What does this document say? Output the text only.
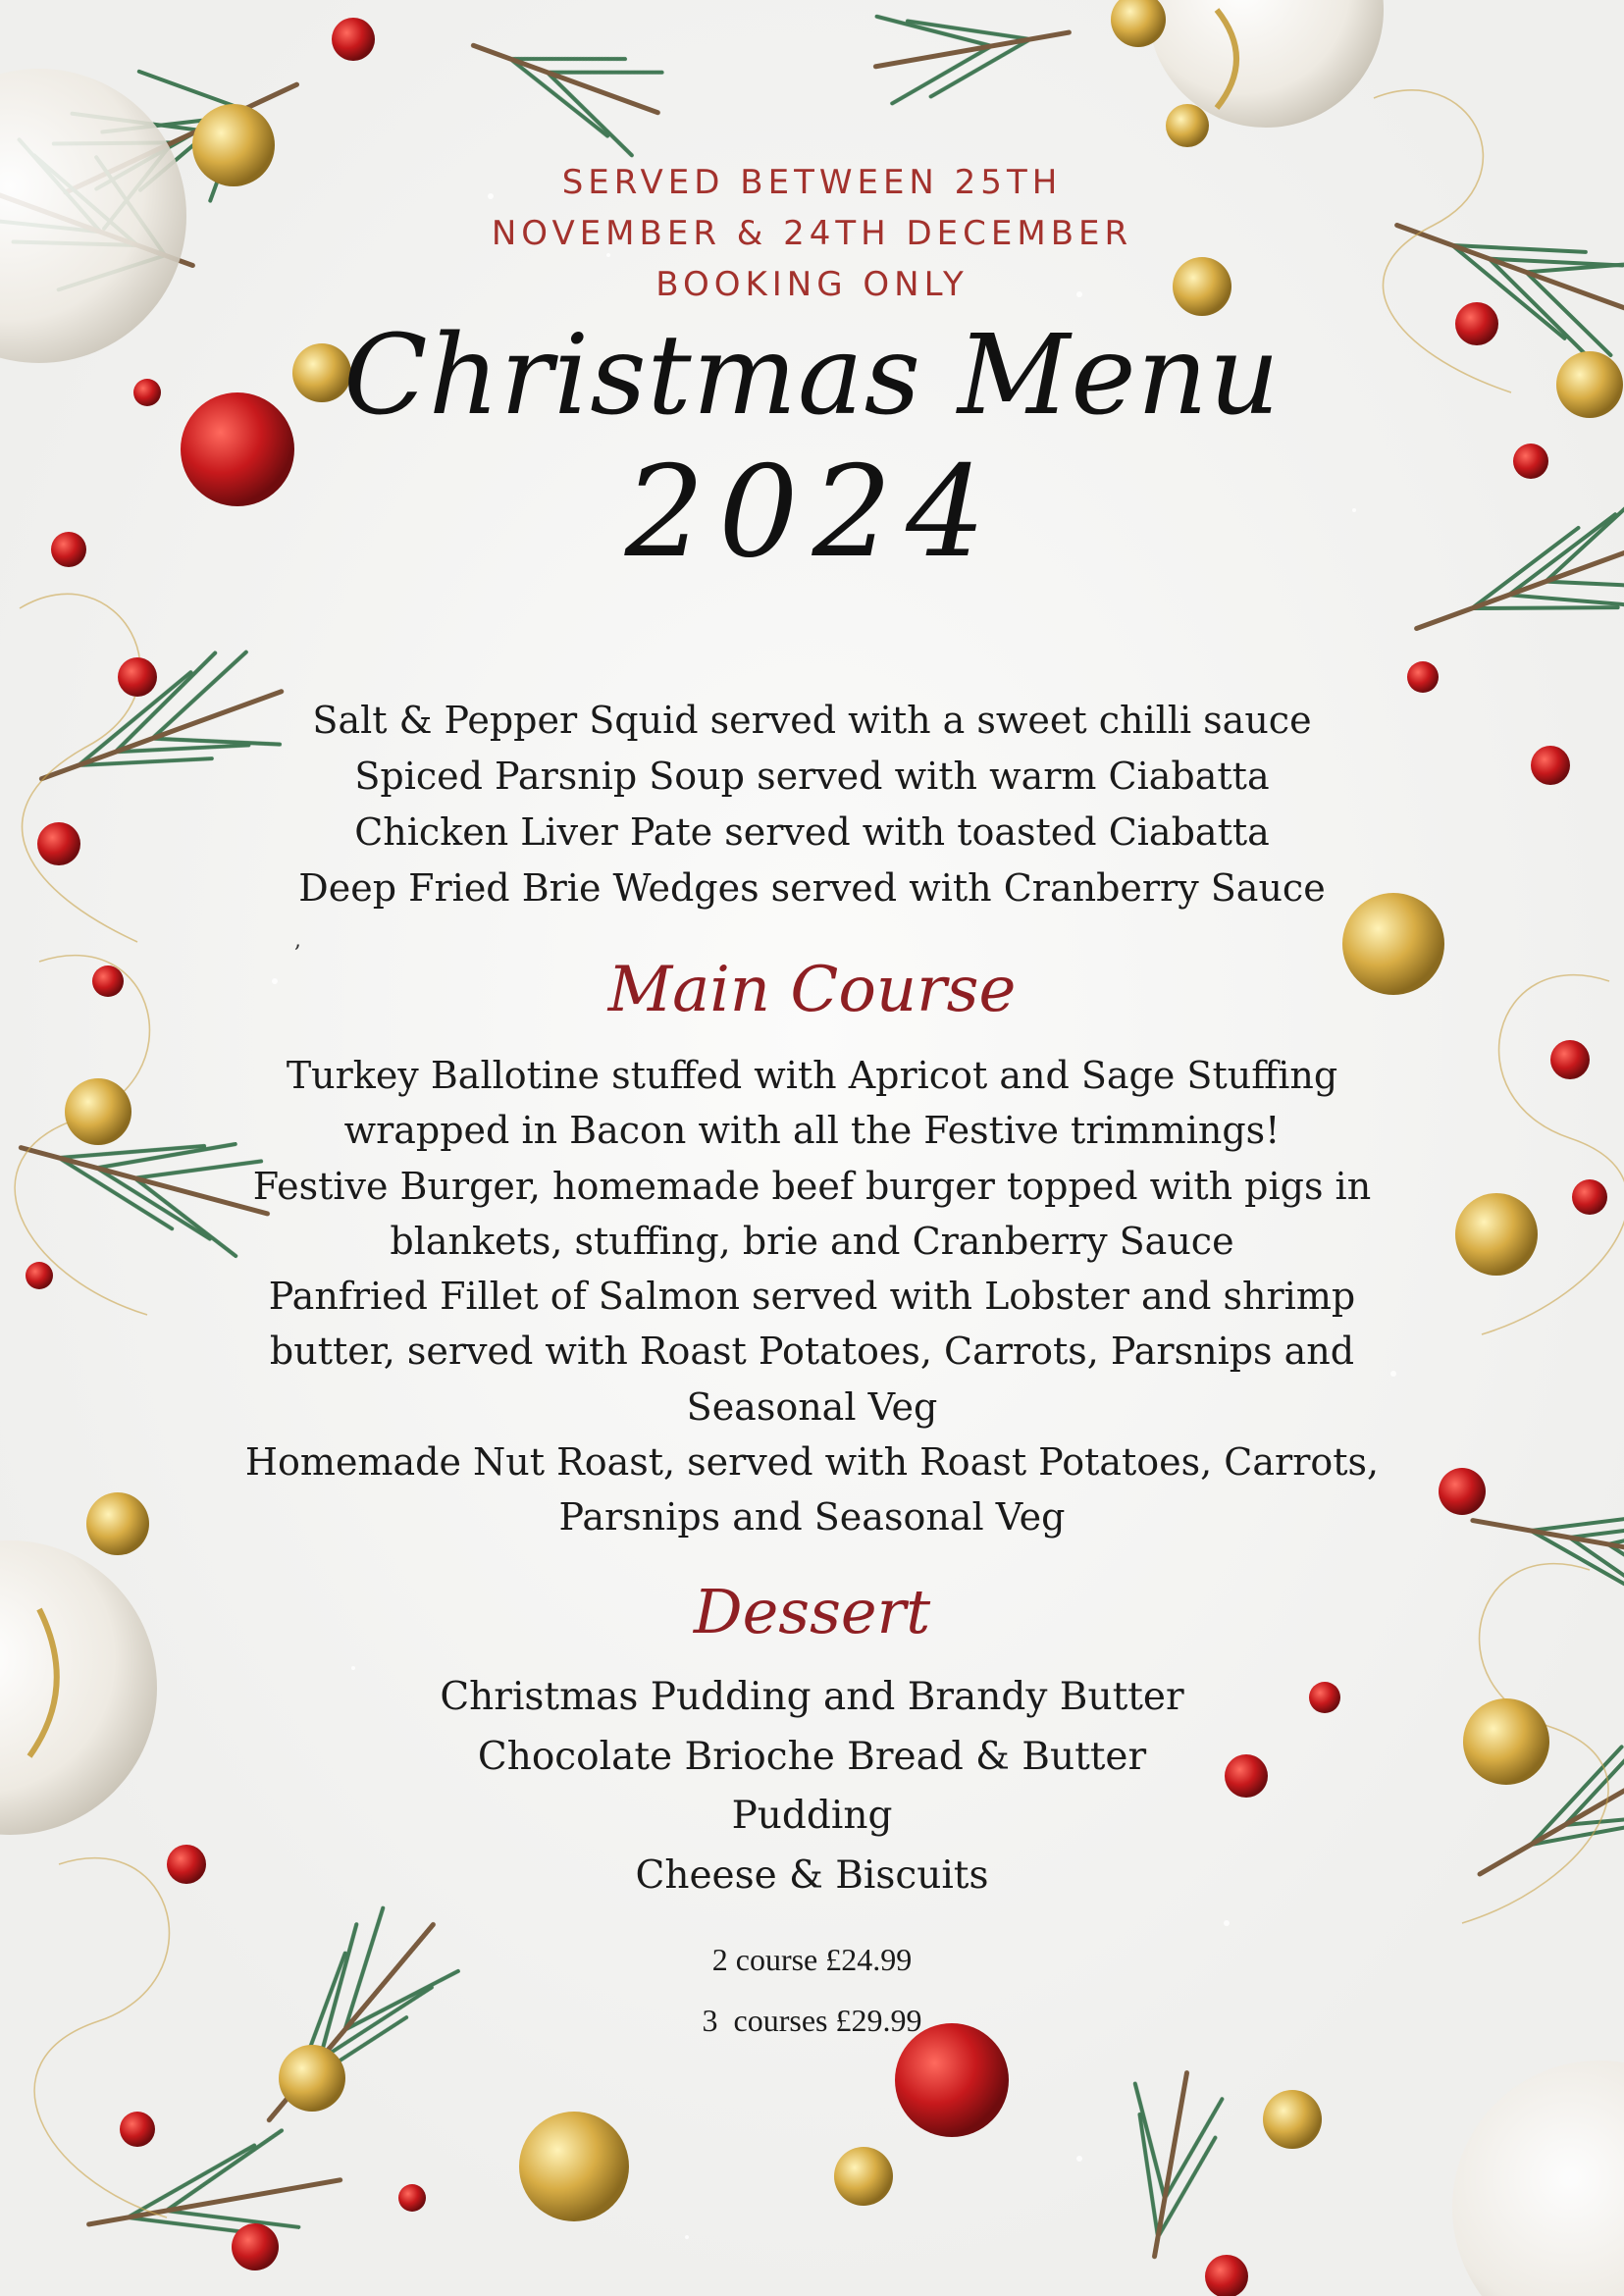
SERVED BETWEEN 25TH
NOVEMBER & 24TH DECEMBER
BOOKING ONLY
Christmas Menu
2024
Salt & Pepper Squid served with a sweet chilli sauce
Spiced Parsnip Soup served with warm Ciabatta
Chicken Liver Pate served with toasted Ciabatta
Deep Fried Brie Wedges served with Cranberry Sauce
,
Main Course
Turkey Ballotine stuffed with Apricot and Sage Stuffing
wrapped in Bacon with all the Festive trimmings!
Festive Burger, homemade beef burger topped with pigs in
blankets, stuffing, brie and Cranberry Sauce
Panfried Fillet of Salmon served with Lobster and shrimp
butter, served with Roast Potatoes, Carrots, Parsnips and
Seasonal Veg
Homemade Nut Roast, served with Roast Potatoes, Carrots,
Parsnips and Seasonal Veg
Dessert
Christmas Pudding and Brandy Butter
Chocolate Brioche Bread & Butter
Pudding
Cheese & Biscuits
2 course £24.99
3  courses £29.99
